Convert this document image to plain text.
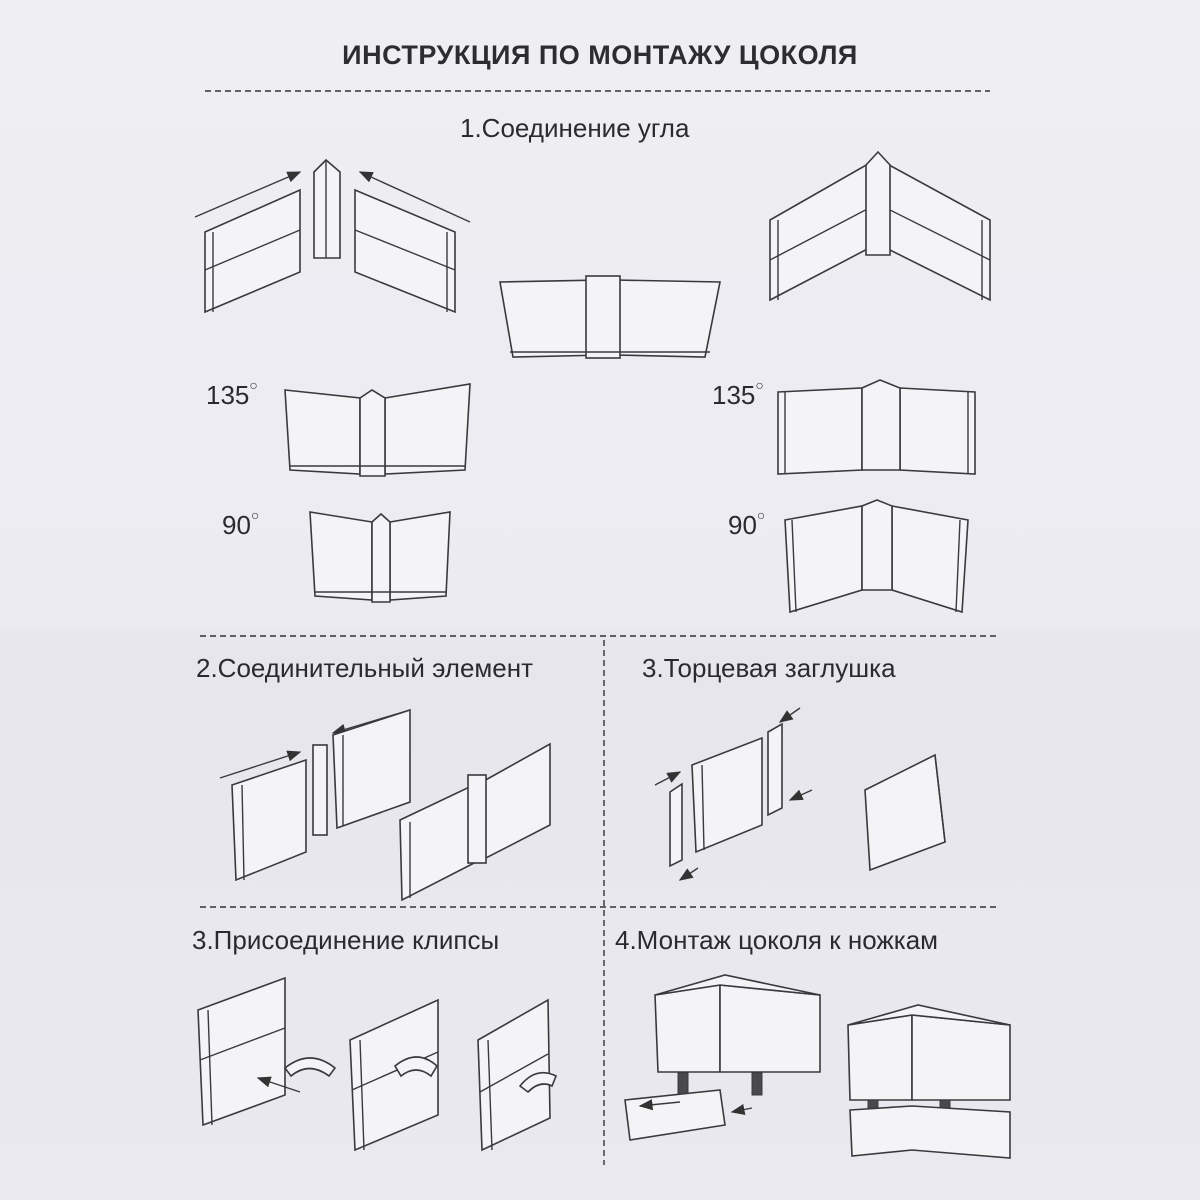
ИНСТРУКЦИЯ ПО МОНТАЖУ ЦОКОЛЯ
1.Соединение угла
2.Соединительный элемент	3.Торцевая заглушка
3.Присоединение клипсы	4.Монтаж цоколя к ножкам
135○
90○
135○
90○
